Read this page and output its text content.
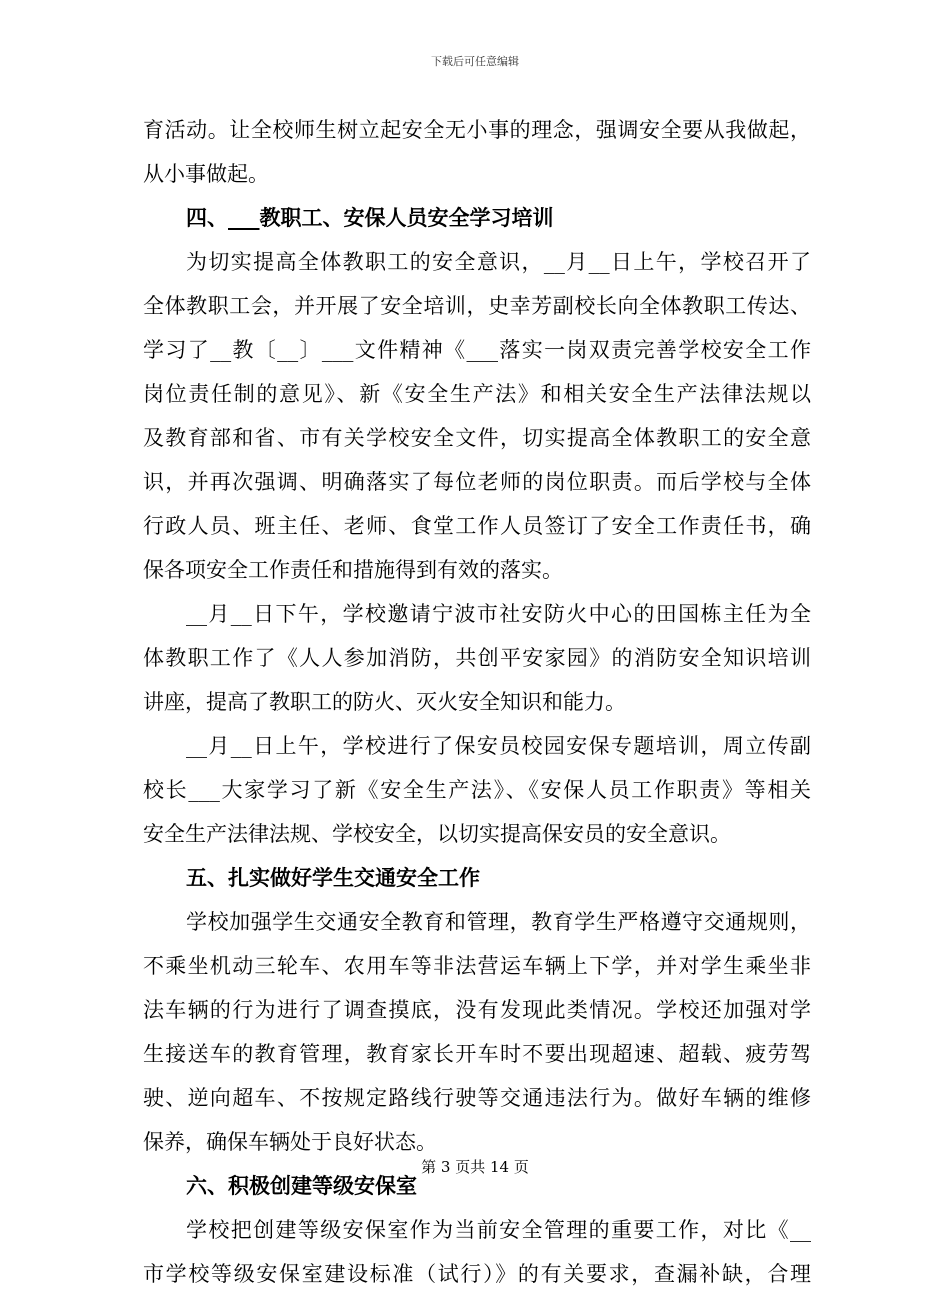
下载后可任意编辑
育活动。让全校师生树立起安全无小事的理念，强调安全要从我做起，
从小事做起。
四、___教职工、安保人员安全学习培训
为切实提高全体教职工的安全意识，__月__日上午，学校召开了
全体教职工会，并开展了安全培训，史幸芳副校长向全体教职工传达、
学习了__教〔__〕___文件精神《___落实一岗双责完善学校安全工作
岗位责任制的意见》、新《安全生产法》和相关安全生产法律法规以
及教育部和省、市有关学校安全文件，切实提高全体教职工的安全意
识，并再次强调、明确落实了每位老师的岗位职责。而后学校与全体
行政人员、班主任、老师、食堂工作人员签订了安全工作责任书，确
保各项安全工作责任和措施得到有效的落实。
__月__日下午，学校邀请宁波市社安防火中心的田国栋主任为全
体教职工作了《人人参加消防，共创平安家园》的消防安全知识培训
讲座，提高了教职工的防火、灭火安全知识和能力。
__月__日上午，学校进行了保安员校园安保专题培训，周立传副
校长___大家学习了新《安全生产法》、《安保人员工作职责》等相关
安全生产法律法规、学校安全，以切实提高保安员的安全意识。
五、扎实做好学生交通安全工作
学校加强学生交通安全教育和管理，教育学生严格遵守交通规则，
不乘坐机动三轮车、农用车等非法营运车辆上下学，并对学生乘坐非
法车辆的行为进行了调查摸底，没有发现此类情况。学校还加强对学
生接送车的教育管理，教育家长开车时不要出现超速、超载、疲劳驾
驶、逆向超车、不按规定路线行驶等交通违法行为。做好车辆的维修
保养，确保车辆处于良好状态。
六、积极创建等级安保室
学校把创建等级安保室作为当前安全管理的重要工作，对比《__
市学校等级安保室建设标准（试行）》的有关要求，查漏补缺，合理
第 3 页共 14 页
